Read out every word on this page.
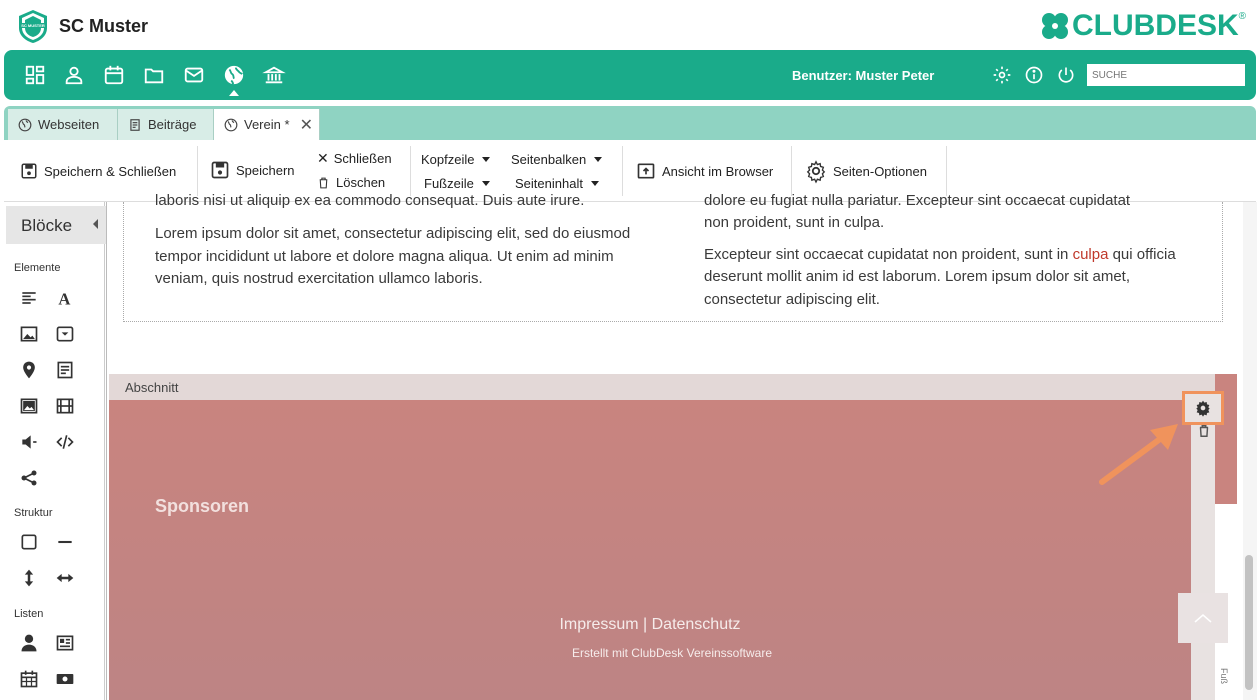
SC MUSTER SC Muster	CLUBDESK ®
Benutzer: Muster Peter
SUCHE
Webseiten	Beiträge	Verein * ✕
Speichern & Schließen	Speichern
✕ Schließen
Löschen
Kopfzeile
Fußzeile
Seitenbalken
Seiteninhalt
Ansicht im Browser	Seiten-Optionen
Blöcke
Elemente
A
Struktur
Listen
laboris nisi ut aliquip ex ea commodo consequat. Duis aute irure.
Lorem ipsum dolor sit amet, consectetur adipiscing elit, sed do eiusmod tempor incididunt ut labore et dolore magna aliqua. Ut enim ad minim veniam, quis nostrud exercitation ullamco laboris.
dolore eu fugiat nulla pariatur. Excepteur sint occaecat cupidatat
non proident, sunt in culpa.
Excepteur sint occaecat cupidatat non proident, sunt in culpa qui officia deserunt mollit anim id est laborum. Lorem ipsum dolor sit amet, consectetur adipiscing elit.
Abschnitt
Sponsoren
Impressum | Datenschutz
Erstellt mit ClubDesk Vereinssoftware
Fuß
